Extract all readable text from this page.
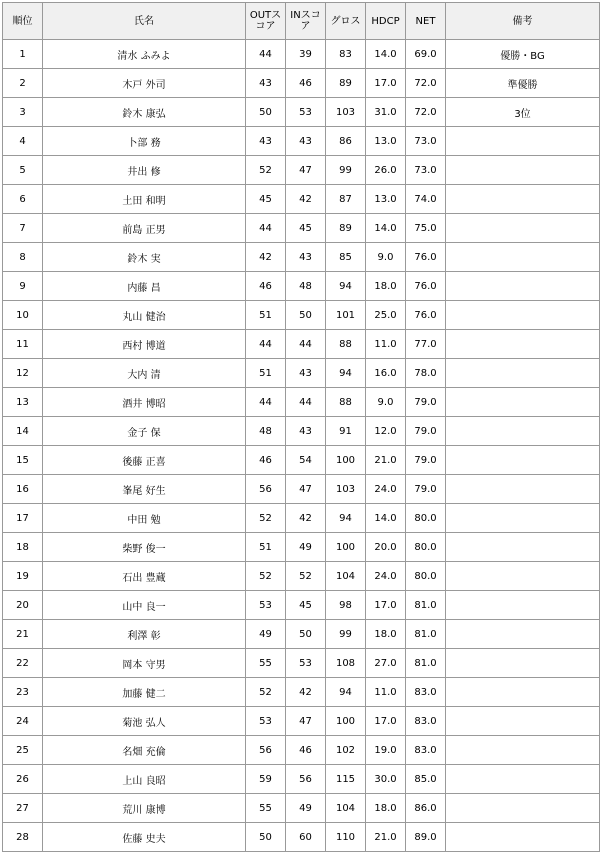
順位	氏名	OUTスコア	INスコア	グロス	HDCP	NET	備考
1	清水 ふみよ	44	39	83	14.0	69.0	優勝・BG
2	木戸 外司	43	46	89	17.0	72.0	準優勝
3	鈴木 康弘	50	53	103	31.0	72.0	3位
4	卜部 務	43	43	86	13.0	73.0	
5	井出 修	52	47	99	26.0	73.0	
6	土田 和明	45	42	87	13.0	74.0	
7	前島 正男	44	45	89	14.0	75.0	
8	鈴木 実	42	43	85	9.0	76.0	
9	内藤 昌	46	48	94	18.0	76.0	
10	丸山 健治	51	50	101	25.0	76.0	
11	西村 博道	44	44	88	11.0	77.0	
12	大内 清	51	43	94	16.0	78.0	
13	酒井 博昭	44	44	88	9.0	79.0	
14	金子 保	48	43	91	12.0	79.0	
15	後藤 正喜	46	54	100	21.0	79.0	
16	峯尾 好生	56	47	103	24.0	79.0	
17	中田 勉	52	42	94	14.0	80.0	
18	柴野 俊一	51	49	100	20.0	80.0	
19	石出 豊蔵	52	52	104	24.0	80.0	
20	山中 良一	53	45	98	17.0	81.0	
21	利澤 彰	49	50	99	18.0	81.0	
22	岡本 守男	55	53	108	27.0	81.0	
23	加藤 健二	52	42	94	11.0	83.0	
24	菊池 弘人	53	47	100	17.0	83.0	
25	名畑 充倫	56	46	102	19.0	83.0	
26	上山 良昭	59	56	115	30.0	85.0	
27	荒川 康博	55	49	104	18.0	86.0	
28	佐藤 史夫	50	60	110	21.0	89.0	
